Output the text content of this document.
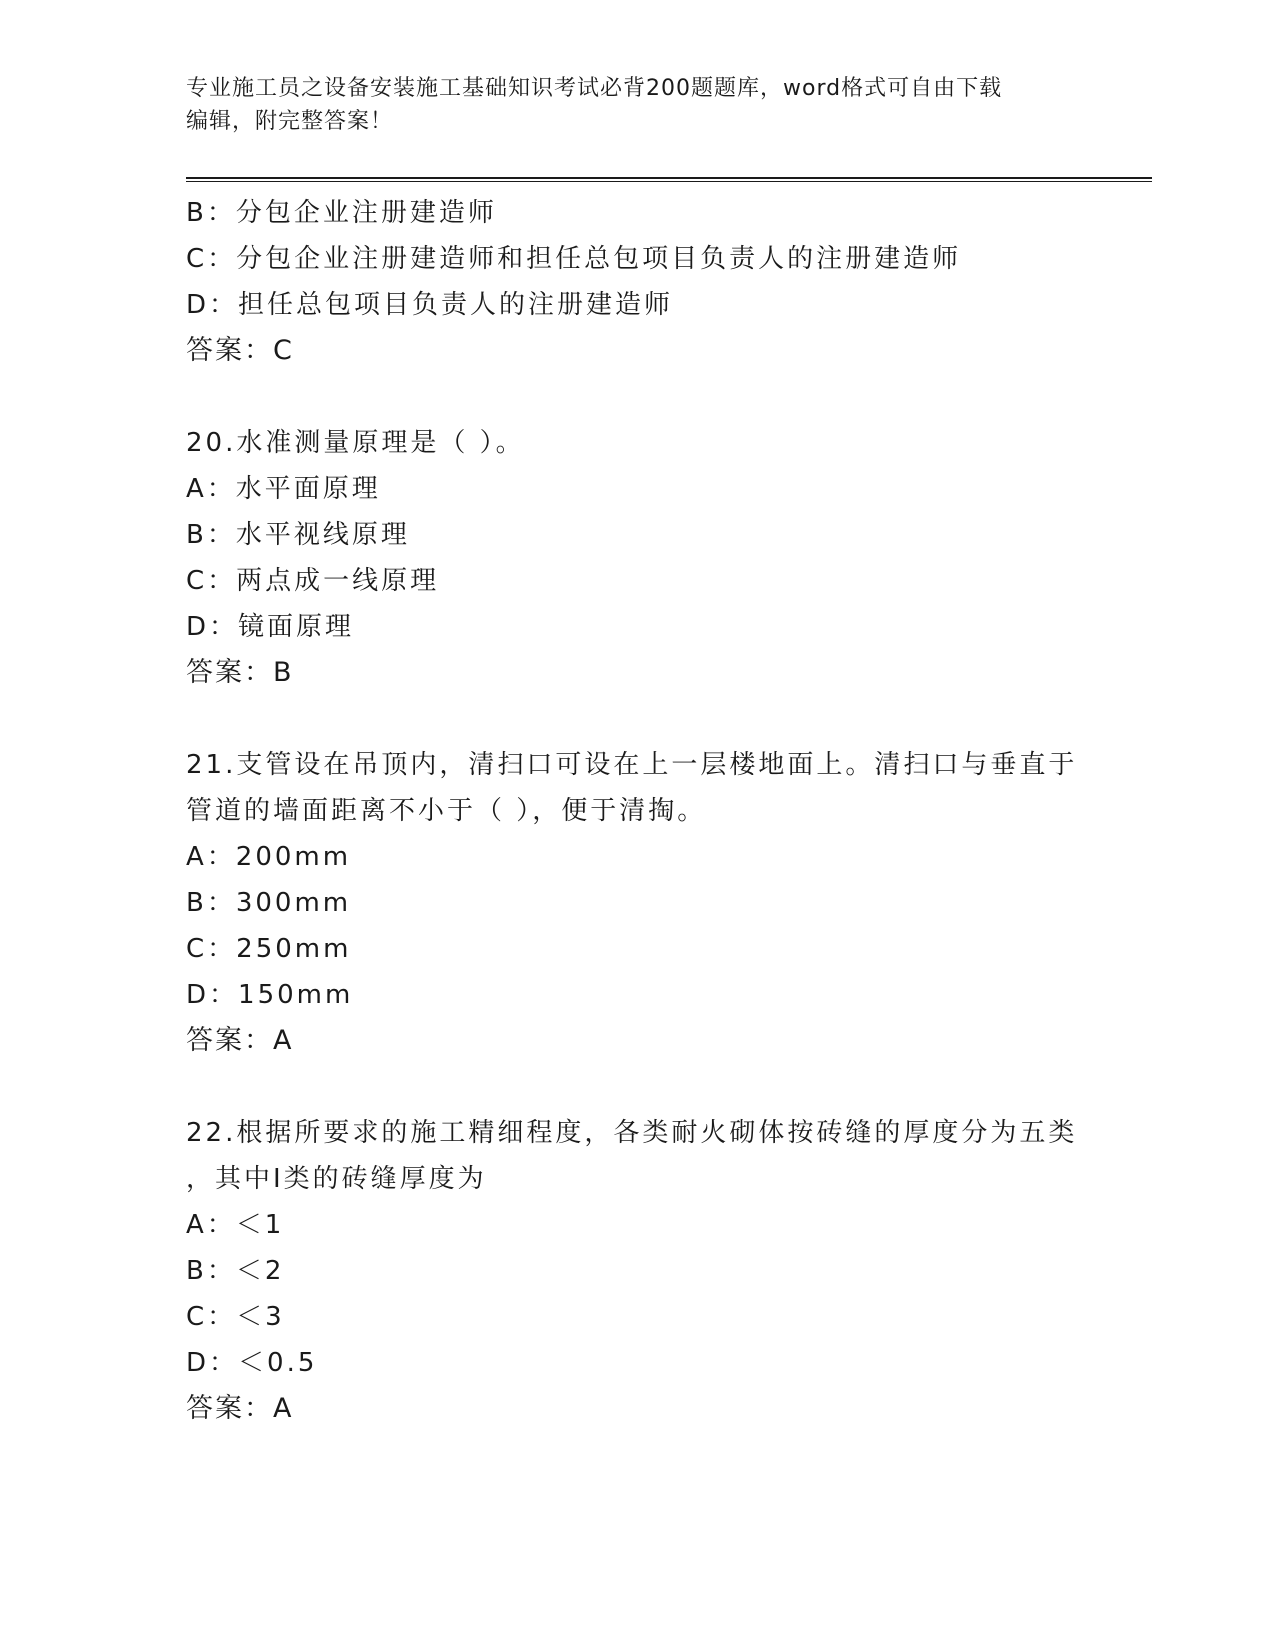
专业施工员之设备安装施工基础知识考试必背200题题库，word格式可自由下载
编辑，附完整答案！
B：分包企业注册建造师
C：分包企业注册建造师和担任总包项目负责人的注册建造师
D：担任总包项目负责人的注册建造师
答案：C
20.水准测量原理是（ ）。
A：水平面原理
B：水平视线原理
C：两点成一线原理
D：镜面原理
答案：B
21.支管设在吊顶内，清扫口可设在上一层楼地面上。清扫口与垂直于
管道的墙面距离不小于（ ），便于清掏。
A：200mm
B：300mm
C：250mm
D：150mm
答案：A
22.根据所要求的施工精细程度，各类耐火砌体按砖缝的厚度分为五类
，其中Ⅰ类的砖缝厚度为
A：＜1
B：＜2
C：＜3
D：＜0.5
答案：A
